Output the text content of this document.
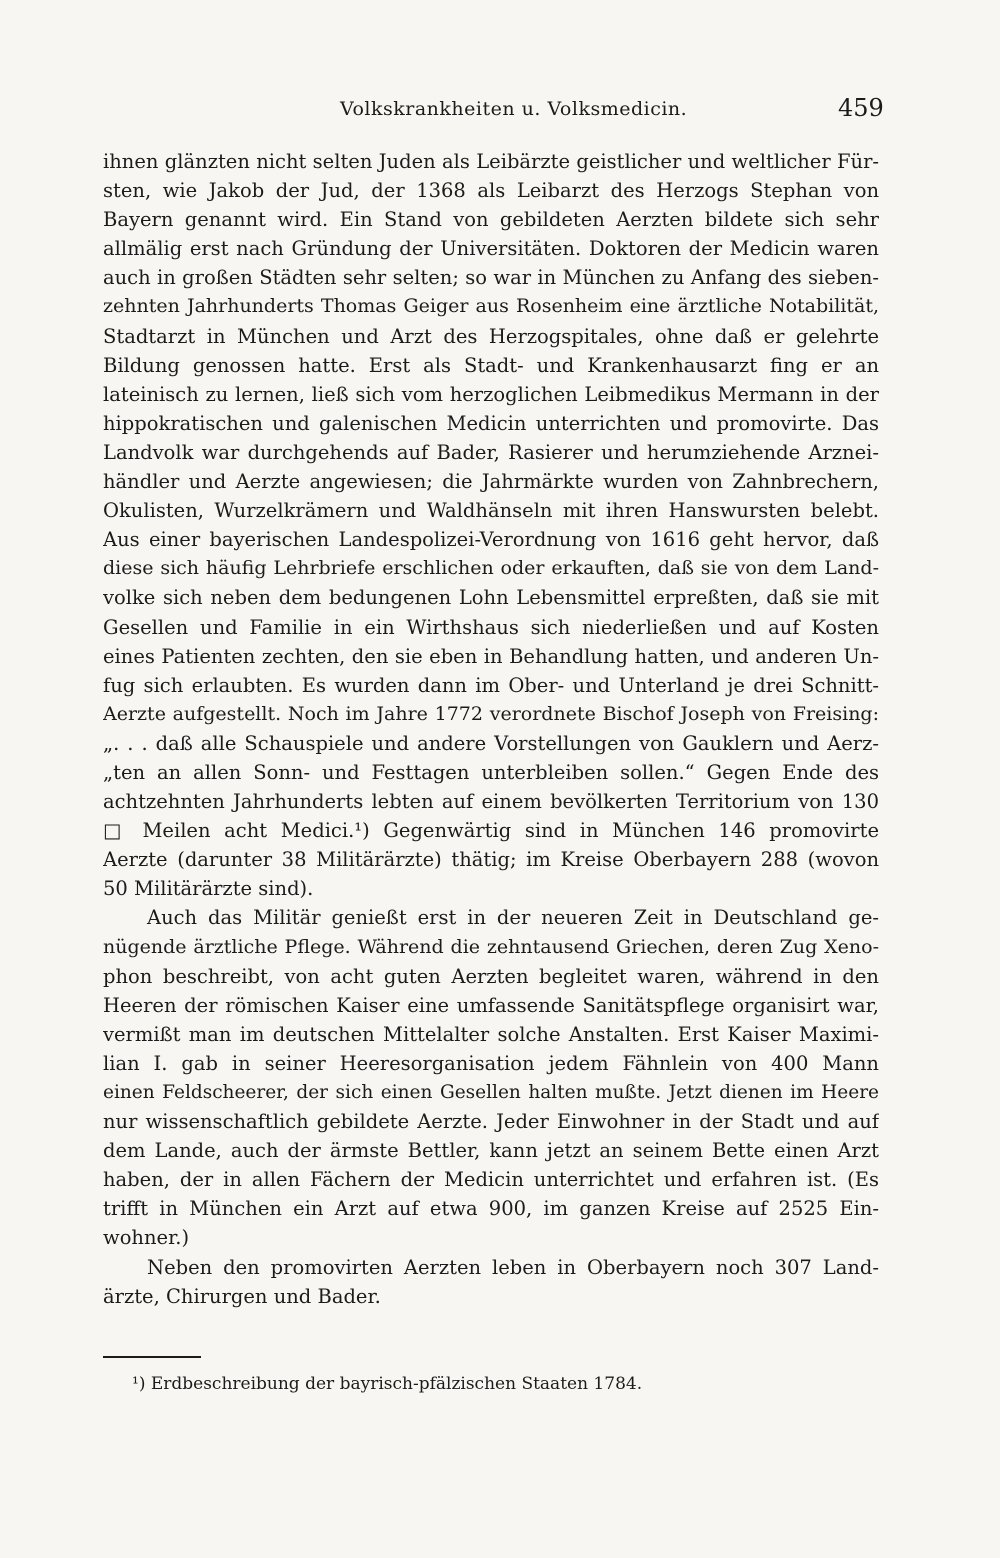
Volkskrankheiten u. Volksmedicin.	459
ihnen glänzten nicht selten Juden als Leibärzte geistlicher und weltlicher Für-
sten, wie Jakob der Jud, der 1368 als Leibarzt des Herzogs Stephan von
Bayern genannt wird. Ein Stand von gebildeten Aerzten bildete sich sehr
allmälig erst nach Gründung der Universitäten. Doktoren der Medicin waren
auch in großen Städten sehr selten; so war in München zu Anfang des sieben-
zehnten Jahrhunderts Thomas Geiger aus Rosenheim eine ärztliche Notabilität,
Stadtarzt in München und Arzt des Herzogspitales, ohne daß er gelehrte
Bildung genossen hatte. Erst als Stadt- und Krankenhausarzt fing er an
lateinisch zu lernen, ließ sich vom herzoglichen Leibmedikus Mermann in der
hippokratischen und galenischen Medicin unterrichten und promovirte. Das
Landvolk war durchgehends auf Bader, Rasierer und herumziehende Arznei-
händler und Aerzte angewiesen; die Jahrmärkte wurden von Zahnbrechern,
Okulisten, Wurzelkrämern und Waldhänseln mit ihren Hanswursten belebt.
Aus einer bayerischen Landespolizei-Verordnung von 1616 geht hervor, daß
diese sich häufig Lehrbriefe erschlichen oder erkauften, daß sie von dem Land-
volke sich neben dem bedungenen Lohn Lebensmittel erpreßten, daß sie mit
Gesellen und Familie in ein Wirthshaus sich niederließen und auf Kosten
eines Patienten zechten, den sie eben in Behandlung hatten, und anderen Un-
fug sich erlaubten. Es wurden dann im Ober- und Unterland je drei Schnitt-
Aerzte aufgestellt. Noch im Jahre 1772 verordnete Bischof Joseph von Freising:
„. . . daß alle Schauspiele und andere Vorstellungen von Gauklern und Aerz-
„ten an allen Sonn- und Festtagen unterbleiben sollen.“ Gegen Ende des
achtzehnten Jahrhunderts lebten auf einem bevölkerten Territorium von 130
□ Meilen acht Medici.¹) Gegenwärtig sind in München 146 promovirte
Aerzte (darunter 38 Militärärzte) thätig; im Kreise Oberbayern 288 (wovon
50 Militärärzte sind).
Auch das Militär genießt erst in der neueren Zeit in Deutschland ge-
nügende ärztliche Pflege. Während die zehntausend Griechen, deren Zug Xeno-
phon beschreibt, von acht guten Aerzten begleitet waren, während in den
Heeren der römischen Kaiser eine umfassende Sanitätspflege organisirt war,
vermißt man im deutschen Mittelalter solche Anstalten. Erst Kaiser Maximi-
lian I. gab in seiner Heeresorganisation jedem Fähnlein von 400 Mann
einen Feldscheerer, der sich einen Gesellen halten mußte. Jetzt dienen im Heere
nur wissenschaftlich gebildete Aerzte. Jeder Einwohner in der Stadt und auf
dem Lande, auch der ärmste Bettler, kann jetzt an seinem Bette einen Arzt
haben, der in allen Fächern der Medicin unterrichtet und erfahren ist. (Es
trifft in München ein Arzt auf etwa 900, im ganzen Kreise auf 2525 Ein-
wohner.)
Neben den promovirten Aerzten leben in Oberbayern noch 307 Land-
ärzte, Chirurgen und Bader.
¹) Erdbeschreibung der bayrisch-pfälzischen Staaten 1784.
